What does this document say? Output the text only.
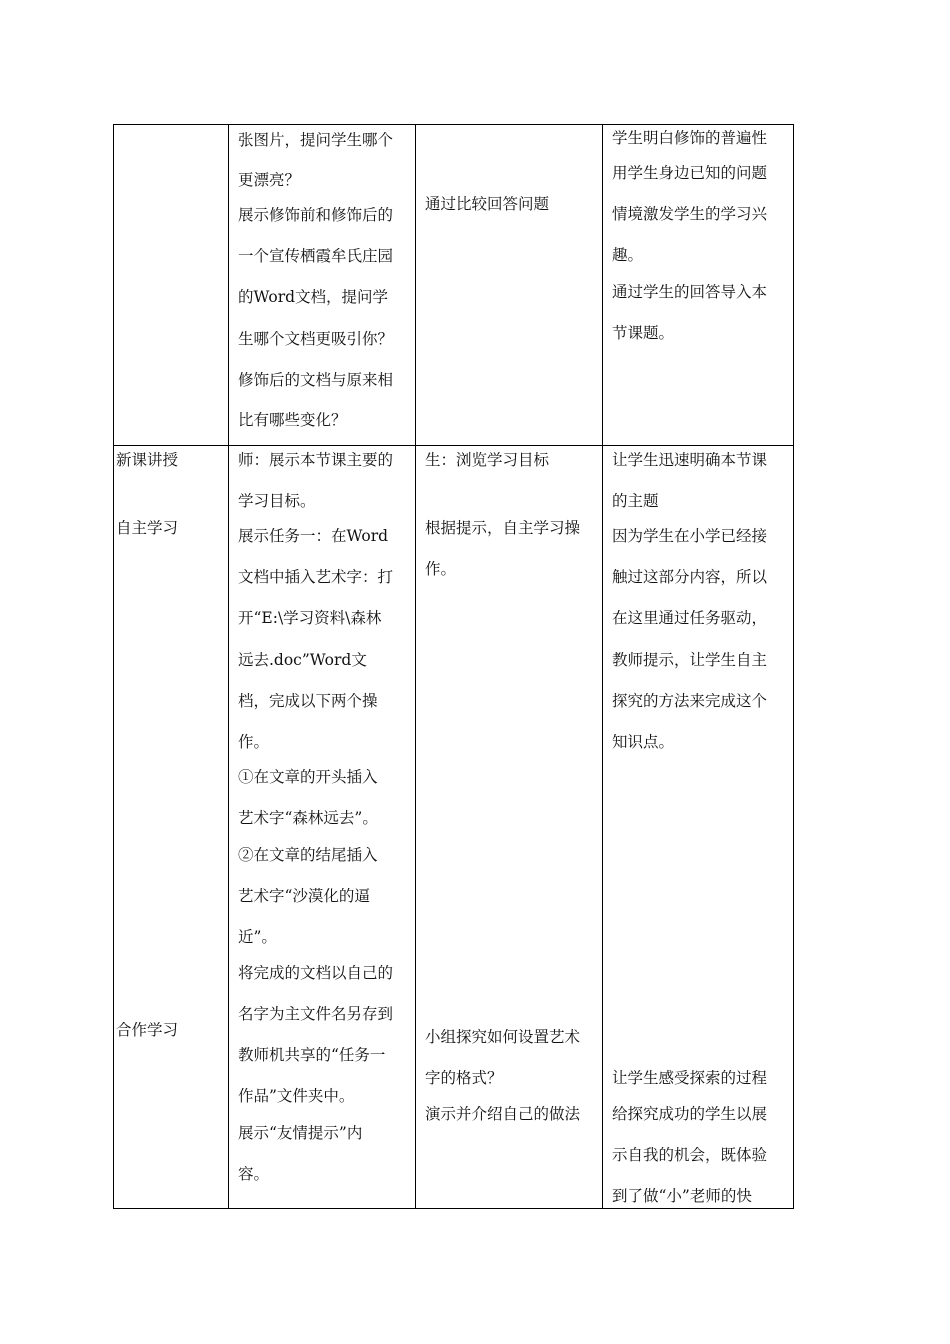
张图片，提问学生哪个
更漂亮？
展示修饰前和修饰后的
一个宣传栖霞牟氏庄园
的Word文档，提问学
生哪个文档更吸引你？
修饰后的文档与原来相
比有哪些变化？
通过比较回答问题
学生明白修饰的普遍性
用学生身边已知的问题
情境激发学生的学习兴
趣。
通过学生的回答导入本
节课题。
新课讲授
自主学习
合作学习
师：展示本节课主要的
学习目标。
展示任务一：在Word
文档中插入艺术字：打
开“E:\学习资料\森林
远去.doc”Word文
档，完成以下两个操
作。
①在文章的开头插入
艺术字“森林远去”。
②在文章的结尾插入
艺术字“沙漠化的逼
近”。
将完成的文档以自己的
名字为主文件名另存到
教师机共享的“任务一
作品”文件夹中。
展示“友情提示”内
容。
生：浏览学习目标
根据提示，自主学习操
作。
小组探究如何设置艺术
字的格式？
演示并介绍自己的做法
让学生迅速明确本节课
的主题
因为学生在小学已经接
触过这部分内容，所以
在这里通过任务驱动，
教师提示，让学生自主
探究的方法来完成这个
知识点。
让学生感受探索的过程
给探究成功的学生以展
示自我的机会，既体验
到了做“小”老师的快
